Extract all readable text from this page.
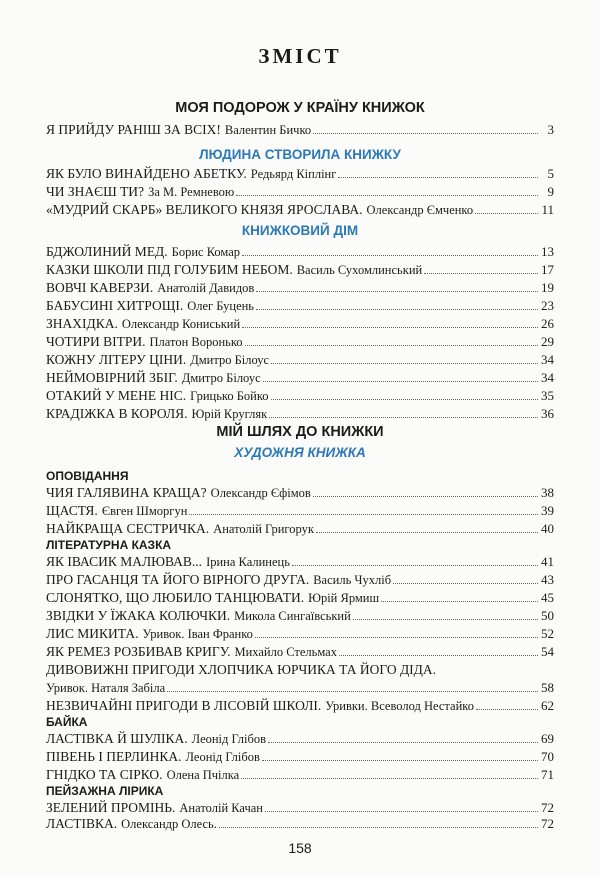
ЗМІСТ
МОЯ ПОДОРОЖ У КРАЇНУ КНИЖОК
Я ПРИЙДУ РАНІШ ЗА ВСІХ! Валентин Бичко	3
ЛЮДИНА СТВОРИЛА КНИЖКУ
ЯК БУЛО ВИНАЙДЕНО АБЕТКУ. Редьярд Кіплінг	5
ЧИ ЗНАЄШ ТИ? За М. Ремневою	9
«МУДРИЙ СКАРБ» ВЕЛИКОГО КНЯЗЯ ЯРОСЛАВА. Олександр Ємченко	11
КНИЖКОВИЙ ДІМ
БДЖОЛИНИЙ МЕД. Борис Комар	13
КАЗКИ ШКОЛИ ПІД ГОЛУБИМ НЕБОМ. Василь Сухомлинський	17
ВОВЧІ КАВЕРЗИ. Анатолій Давидов	19
БАБУСИНІ ХИТРОЩІ. Олег Буцень	23
ЗНАХІДКА. Олександр Кониський	26
ЧОТИРИ ВІТРИ. Платон Воронько	29
КОЖНУ ЛІТЕРУ ЦІНИ. Дмитро Білоус	34
НЕЙМОВІРНИЙ ЗБІГ. Дмитро Білоус	34
ОТАКИЙ У МЕНЕ НІС. Грицько Бойко	35
КРАДІЖКА В КОРОЛЯ. Юрій Кругляк	36
МІЙ ШЛЯХ ДО КНИЖКИ
ХУДОЖНЯ КНИЖКА
ОПОВІДАННЯ
ЧИЯ ГАЛЯВИНА КРАЩА? Олександр Єфімов	38
ЩАСТЯ. Євген Шморгун	39
НАЙКРАЩА СЕСТРИЧКА. Анатолій Григорук	40
ЛІТЕРАТУРНА КАЗКА
ЯК ІВАСИК МАЛЮВАВ... Ірина Калинець	41
ПРО ГАСАНЦЯ ТА ЙОГО ВІРНОГО ДРУГА. Василь Чухліб	43
СЛОНЯТКО, ЩО ЛЮБИЛО ТАНЦЮВАТИ. Юрій Ярмиш	45
ЗВІДКИ У ЇЖАКА КОЛЮЧКИ. Микола Сингаївський	50
ЛИС МИКИТА. Уривок. Іван Франко	52
ЯК РЕМЕЗ РОЗБИВАВ КРИГУ. Михайло Стельмах	54
ДИВОВИЖНІ ПРИГОДИ ХЛОПЧИКА ЮРЧИКА ТА ЙОГО ДІДА.
Уривок. Наталя Забіла	58
НЕЗВИЧАЙНІ ПРИГОДИ В ЛІСОВІЙ ШКОЛІ. Уривки. Всеволод Нестайко	62
БАЙКА
ЛАСТІВКА Й ШУЛІКА. Леонід Глібов	69
ПІВЕНЬ І ПЕРЛИНКА. Леонід Глібов	70
ГНІДКО ТА СІРКО. Олена Пчілка	71
ПЕЙЗАЖНА ЛІРИКА
ЗЕЛЕНИЙ ПРОМІНЬ. Анатолій Качан	72
ЛАСТІВКА. Олександр Олесь.	72
158
